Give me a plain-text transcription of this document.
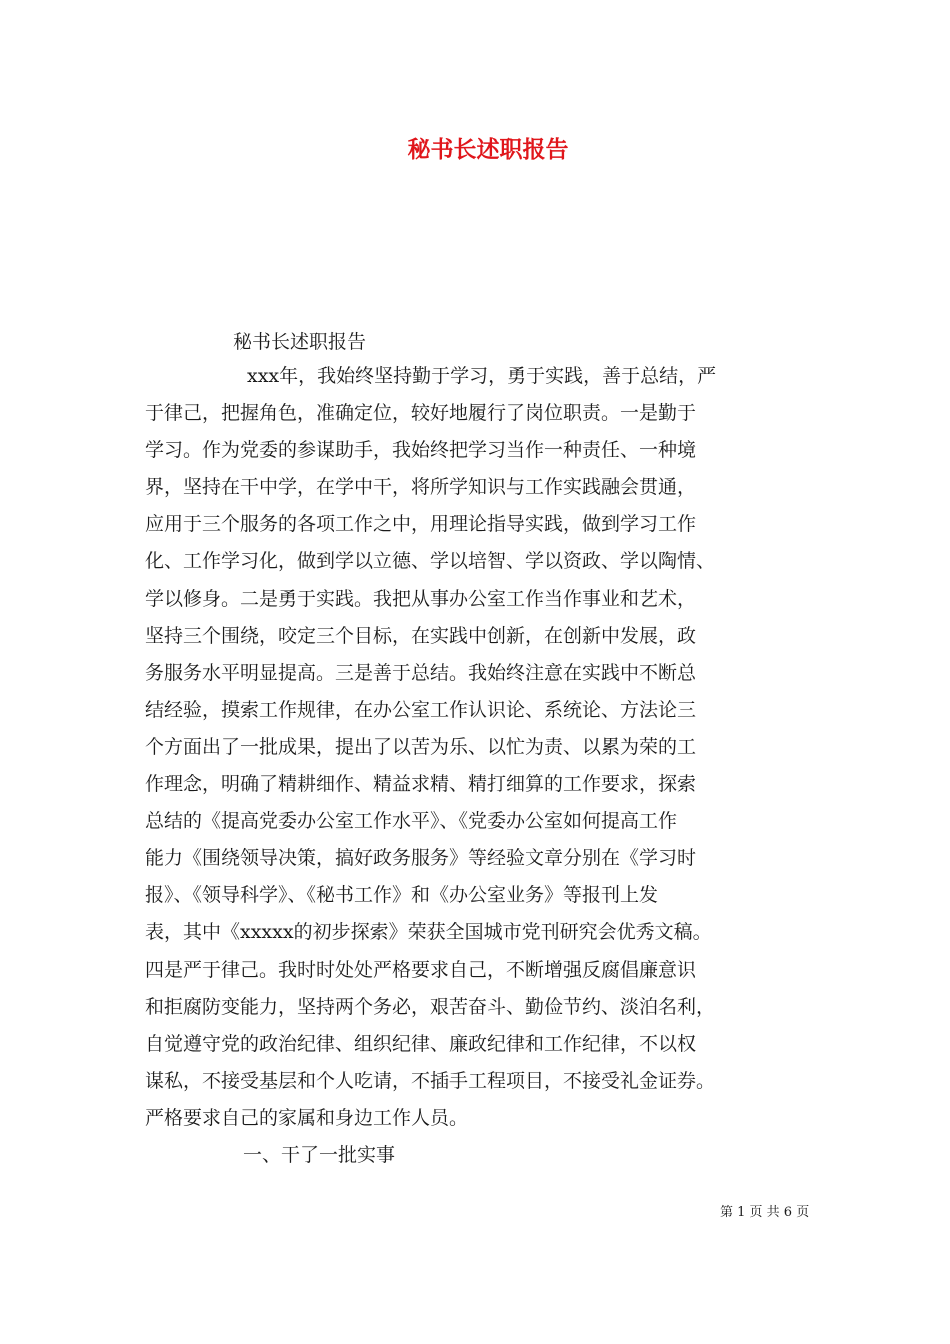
秘书长述职报告
秘书长述职报告
xxx年，我始终坚持勤于学习，勇于实践，善于总结，严
于律己，把握角色，准确定位，较好地履行了岗位职责。一是勤于
学习。作为党委的参谋助手，我始终把学习当作一种责任、一种境
界，坚持在干中学，在学中干，将所学知识与工作实践融会贯通，
应用于三个服务的各项工作之中，用理论指导实践，做到学习工作
化、工作学习化，做到学以立德、学以培智、学以资政、学以陶情、
学以修身。二是勇于实践。我把从事办公室工作当作事业和艺术，
坚持三个围绕，咬定三个目标，在实践中创新，在创新中发展，政
务服务水平明显提高。三是善于总结。我始终注意在实践中不断总
结经验，摸索工作规律，在办公室工作认识论、系统论、方法论三
个方面出了一批成果，提出了以苦为乐、以忙为责、以累为荣的工
作理念，明确了精耕细作、精益求精、精打细算的工作要求，探索
总结的《提高党委办公室工作水平》、《党委办公室如何提高工作
能力《围绕领导决策，搞好政务服务》等经验文章分别在《学习时
报》、《领导科学》、《秘书工作》和《办公室业务》等报刊上发
表，其中《xxxxx的初步探索》荣获全国城市党刊研究会优秀文稿。
四是严于律己。我时时处处严格要求自己，不断增强反腐倡廉意识
和拒腐防变能力，坚持两个务必，艰苦奋斗、勤俭节约、淡泊名利，
自觉遵守党的政治纪律、组织纪律、廉政纪律和工作纪律，不以权
谋私，不接受基层和个人吃请，不插手工程项目，不接受礼金证券。
严格要求自己的家属和身边工作人员。
一、干了一批实事
第 1 页 共 6 页
